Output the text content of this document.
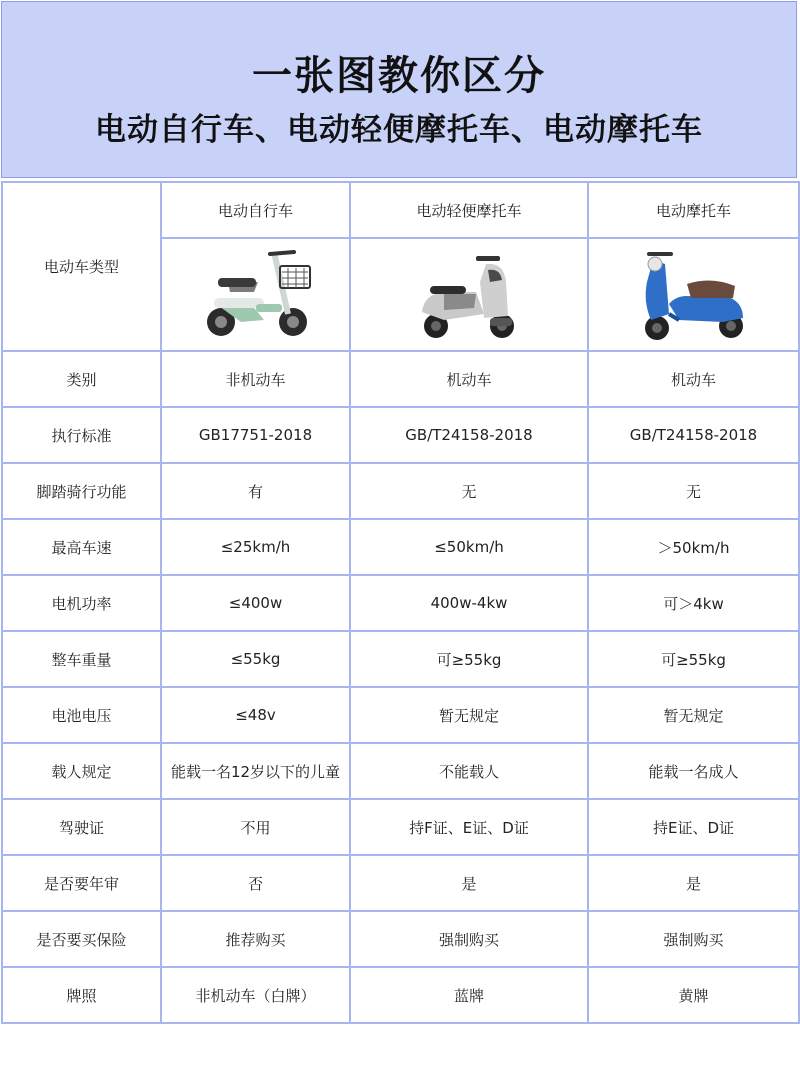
一张图教你区分
电动自行车、电动轻便摩托车、电动摩托车
电动车类型	电动自行车	电动轻便摩托车	电动摩托车

类别	非机动车	机动车	机动车
执行标准	GB17751-2018	GB/T24158-2018	GB/T24158-2018
脚踏骑行功能	有	无	无
最高车速	≤25km/h	≤50km/h	＞50km/h
电机功率	≤400w	400w-4kw	可＞4kw
整车重量	≤55kg	可≥55kg	可≥55kg
电池电压	≤48v	暂无规定	暂无规定
载人规定	能载一名12岁以下的儿童	不能载人	能载一名成人
驾驶证	不用	持F证、E证、D证	持E证、D证
是否要年审	否	是	是
是否要买保险	推荐购买	强制购买	强制购买
牌照	非机动车（白牌）	蓝牌	黄牌
